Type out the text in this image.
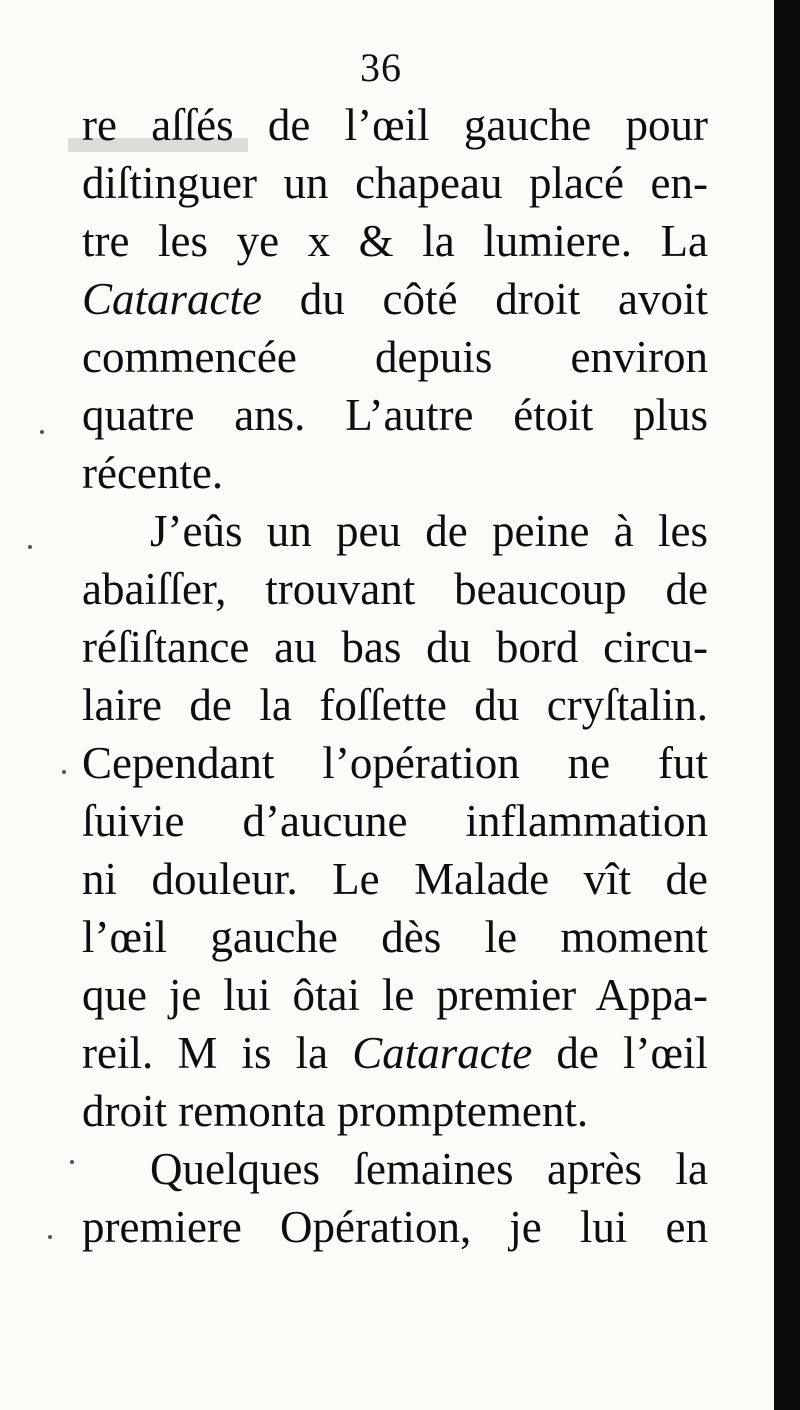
36
re aſſés de l’œil gauche pour
diſtinguer un chapeau placé en-
tre les ye x & la lumiere. La
Cataracte du côté droit avoit
commencée depuis environ
quatre ans. L’autre étoit plus
récente.
J’eûs un peu de peine à les
abaiſſer, trouvant beaucoup de
réſiſtance au bas du bord circu-
laire de la foſſette du cryſtalin.
Cependant l’opération ne fut
ſuivie d’aucune inflammation
ni douleur. Le Malade vît de
l’œil gauche dès le moment
que je lui ôtai le premier Appa-
reil. M is la Cataracte de l’œil
droit remonta promptement.
Quelques ſemaines après la
premiere Opération, je lui en
